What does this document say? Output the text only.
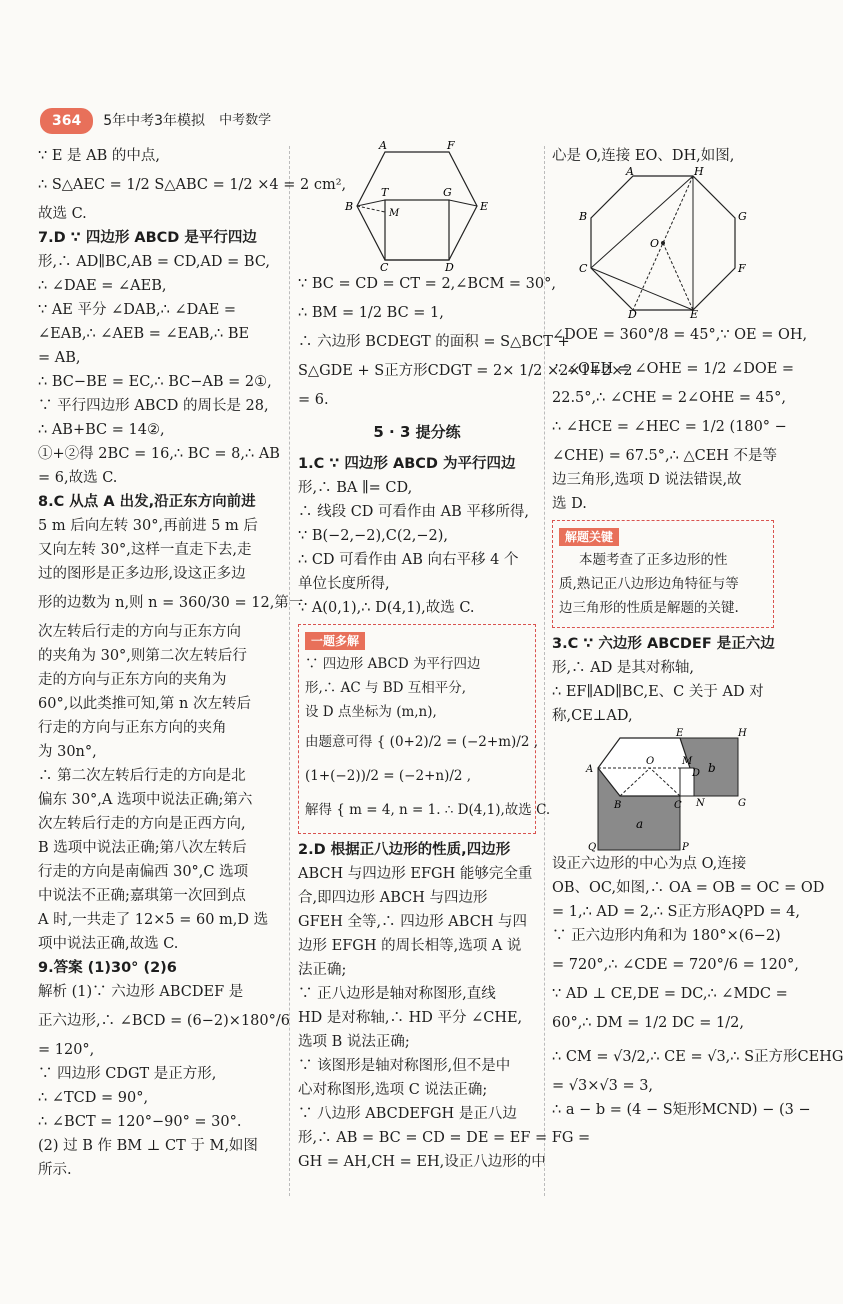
364	5年中考3年模拟 中考数学
∵ E 是 AB 的中点,
∴ S△AEC = 1/2 S△ABC = 1/2 ×4 = 2 cm²,
故选 C.
7.D ∵ 四边形 ABCD 是平行四边
形,∴ AD∥BC,AB = CD,AD = BC,
∴ ∠DAE = ∠AEB,
∵ AE 平分 ∠DAB,∴ ∠DAE =
∠EAB,∴ ∠AEB = ∠EAB,∴ BE
= AB,
∴ BC−BE = EC,∴ BC−AB = 2①,
∵ 平行四边形 ABCD 的周长是 28,
∴ AB+BC = 14②,
①+②得 2BC = 16,∴ BC = 8,∴ AB
= 6,故选 C.
8.C 从点 A 出发,沿正东方向前进
5 m 后向左转 30°,再前进 5 m 后
又向左转 30°,这样一直走下去,走
过的图形是正多边形,设这正多边
形的边数为 n,则 n = 360/30 = 12,第一
次左转后行走的方向与正东方向
的夹角为 30°,则第二次左转后行
走的方向与正东方向的夹角为
60°,以此类推可知,第 n 次左转后
行走的方向与正东方向的夹角
为 30n°,
∴ 第二次左转后行走的方向是北
偏东 30°,A 选项中说法正确;第六
次左转后行走的方向是正西方向,
B 选项中说法正确;第八次左转后
行走的方向是南偏西 30°,C 选项
中说法不正确;嘉琪第一次回到点
A 时,一共走了 12×5 = 60 m,D 选
项中说法正确,故选 C.
9.答案 (1)30° (2)6
解析 (1)∵ 六边形 ABCDEF 是
正六边形,∴ ∠BCD = (6−2)×180°/6
= 120°,
∵ 四边形 CDGT 是正方形,
∴ ∠TCD = 90°,
∴ ∠BCT = 120°−90° = 30°.
(2) 过 B 作 BM ⊥ CT 于 M,如图
所示.
A	F
B
T
M
G
E
C	D
∵ BC = CD = CT = 2,∠BCM = 30°,
∴ BM = 1/2 BC = 1,
∴ 六边形 BCDEGT 的面积 = S△BCT +
S△GDE + S正方形CDGT = 2× 1/2 ×2×1+2×2
= 6.
5 · 3 提分练
1.C ∵ 四边形 ABCD 为平行四边
形,∴ BA ∥= CD,
∴ 线段 CD 可看作由 AB 平移所得,
∵ B(−2,−2),C(2,−2),
∴ CD 可看作由 AB 向右平移 4 个
单位长度所得,
∵ A(0,1),∴ D(4,1),故选 C.
一题多解
∵ 四边形 ABCD 为平行四边
形,∴ AC 与 BD 互相平分,
设 D 点坐标为 (m,n),
由题意可得 { (0+2)/2 = (−2+m)/2 ,
(1+(−2))/2 = (−2+n)/2 ,
解得 { m = 4, n = 1. ∴ D(4,1),故选 C.
2.D 根据正八边形的性质,四边形
ABCH 与四边形 EFGH 能够完全重
合,即四边形 ABCH 与四边形
GFEH 全等,∴ 四边形 ABCH 与四
边形 EFGH 的周长相等,选项 A 说
法正确;
∵ 正八边形是轴对称图形,直线
HD 是对称轴,∴ HD 平分 ∠CHE,
选项 B 说法正确;
∵ 该图形是轴对称图形,但不是中
心对称图形,选项 C 说法正确;
∵ 八边形 ABCDEFGH 是正八边
形,∴ AB = BC = CD = DE = EF = FG =
GH = AH,CH = EH,设正八边形的中
心是 O,连接 EO、DH,如图,
A	H
B	G
O
C	F
D	E
∠DOE = 360°/8 = 45°,∵ OE = OH,
∴ ∠OEH = ∠OHE = 1/2 ∠DOE =
22.5°,∴ ∠CHE = 2∠OHE = 45°,
∴ ∠HCE = ∠HEC = 1/2 (180° −
∠CHE) = 67.5°,∴ △CEH 不是等
边三角形,选项 D 说法错误,故
选 D.
解题关键
本题考查了正多边形的性
质,熟记正八边形边角特征与等
边三角形的性质是解题的关键.
3.C ∵ 六边形 ABCDEF 是正六边
形,∴ AD 是其对称轴,
∴ EF∥AD∥BC,E、C 关于 AD 对
称,CE⊥AD,
E	H
O	M
A	D b
B	C N	G
a
Q	P
设正六边形的中心为点 O,连接
OB、OC,如图,∴ OA = OB = OC = OD
= 1,∴ AD = 2,∴ S正方形AQPD = 4,
∵ 正六边形内角和为 180°×(6−2)
= 720°,∴ ∠CDE = 720°/6 = 120°,
∵ AD ⊥ CE,DE = DC,∴ ∠MDC =
60°,∴ DM = 1/2 DC = 1/2,
∴ CM = √3/2,∴ CE = √3,∴ S正方形CEHG
= √3×√3 = 3,
∴ a − b = (4 − S矩形MCND) − (3 −
